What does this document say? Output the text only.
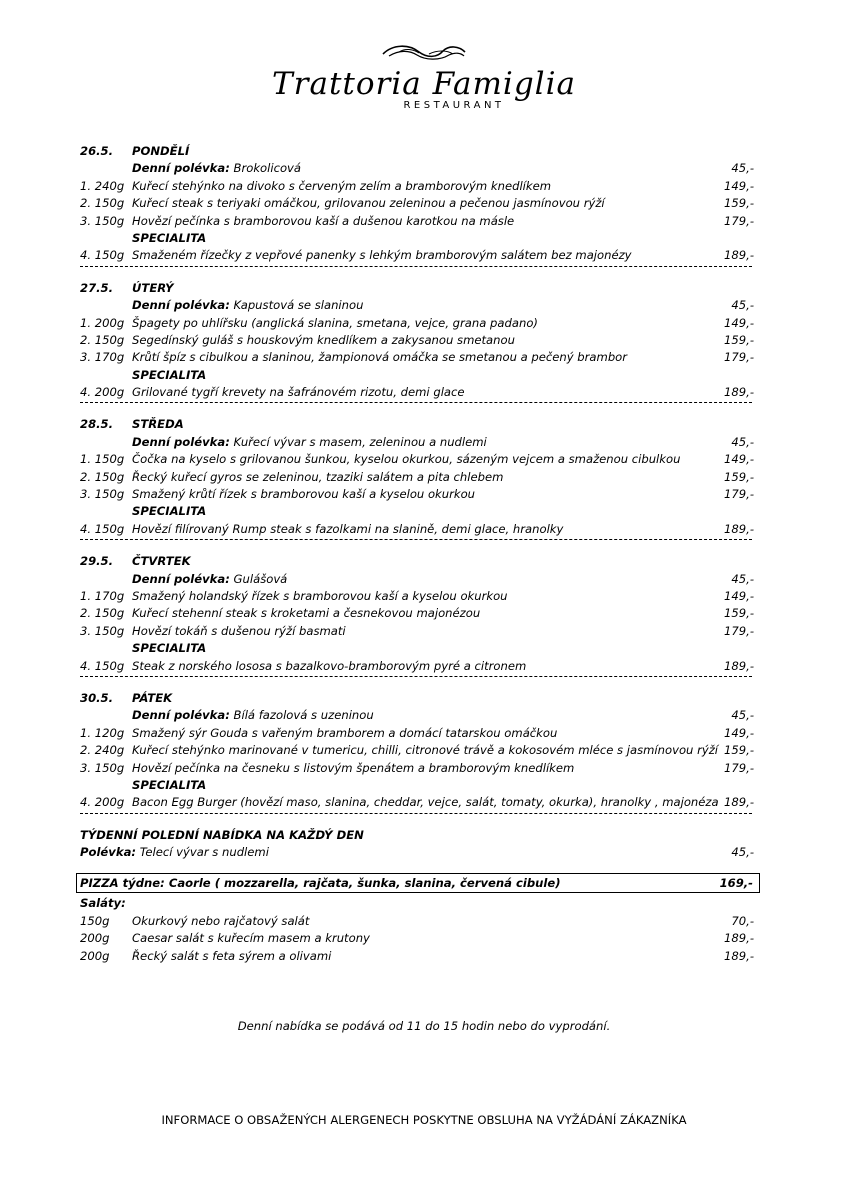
Trattoria Famiglia
RESTAURANT
26.5. PONDĚLÍ
Denní polévka: Brokolicová	45,-
1. 240g Kuřecí stehýnko na divoko s červeným zelím a bramborovým knedlíkem	149,-
2. 150g Kuřecí steak s teriyaki omáčkou, grilovanou zeleninou a pečenou jasmínovou rýží	159,-
3. 150g Hovězí pečínka s bramborovou kaší a dušenou karotkou na másle	179,-
SPECIALITA
4. 150g Smaženém řízečky z vepřové panenky s lehkým bramborovým salátem bez majonézy	189,-
27.5. ÚTERÝ
Denní polévka: Kapustová se slaninou	45,-
1. 200g Špagety po uhlířsku (anglická slanina, smetana, vejce, grana padano)	149,-
2. 150g Segedínský guláš s houskovým knedlíkem a zakysanou smetanou	159,-
3. 170g Krůtí špíz s cibulkou a slaninou, žampionová omáčka se smetanou a pečený brambor	179,-
SPECIALITA
4. 200g Grilované tygří krevety na šafránovém rizotu, demi glace	189,-
28.5. STŘEDA
Denní polévka: Kuřecí vývar s masem, zeleninou a nudlemi	45,-
1. 150g Čočka na kyselo s grilovanou šunkou, kyselou okurkou, sázeným vejcem a smaženou cibulkou	149,-
2. 150g Řecký kuřecí gyros se zeleninou, tzaziki salátem a pita chlebem	159,-
3. 150g Smažený krůtí řízek s bramborovou kaší a kyselou okurkou	179,-
SPECIALITA
4. 150g Hovězí filírovaný Rump steak s fazolkami na slanině, demi glace, hranolky	189,-
29.5. ČTVRTEK
Denní polévka: Gulášová	45,-
1. 170g Smažený holandský řízek s bramborovou kaší a kyselou okurkou	149,-
2. 150g Kuřecí stehenní steak s kroketami a česnekovou majonézou	159,-
3. 150g Hovězí tokáň s dušenou rýží basmati	179,-
SPECIALITA
4. 150g Steak z norského lososa s bazalkovo-bramborovým pyré a citronem	189,-
30.5. PÁTEK
Denní polévka: Bílá fazolová s uzeninou	45,-
1. 120g Smažený sýr Gouda s vařeným bramborem a domácí tatarskou omáčkou	149,-
2. 240g Kuřecí stehýnko marinované v tumericu, chilli, citronové trávě a kokosovém mléce s jasmínovou rýží 159,-
3. 150g Hovězí pečínka na česneku s listovým špenátem a bramborovým knedlíkem	179,-
SPECIALITA
4. 200g Bacon Egg Burger (hovězí maso, slanina, cheddar, vejce, salát, tomaty, okurka), hranolky , majonéza 189,-
TÝDENNÍ POLEDNÍ NABÍDKA NA KAŽDÝ DEN
Polévka: Telecí vývar s nudlemi	45,-
PIZZA týdne: Caorle ( mozzarella, rajčata, šunka, slanina, červená cibule)	169,-
Saláty:
150g Okurkový nebo rajčatový salát	70,-
200g Caesar salát s kuřecím masem a krutony	189,-
200g Řecký salát s feta sýrem a olivami	189,-
Denní nabídka se podává od 11 do 15 hodin nebo do vyprodání.
INFORMACE O OBSAŽENÝCH ALERGENECH POSKYTNE OBSLUHA NA VYŽÁDÁNÍ ZÁKAZNÍKA
